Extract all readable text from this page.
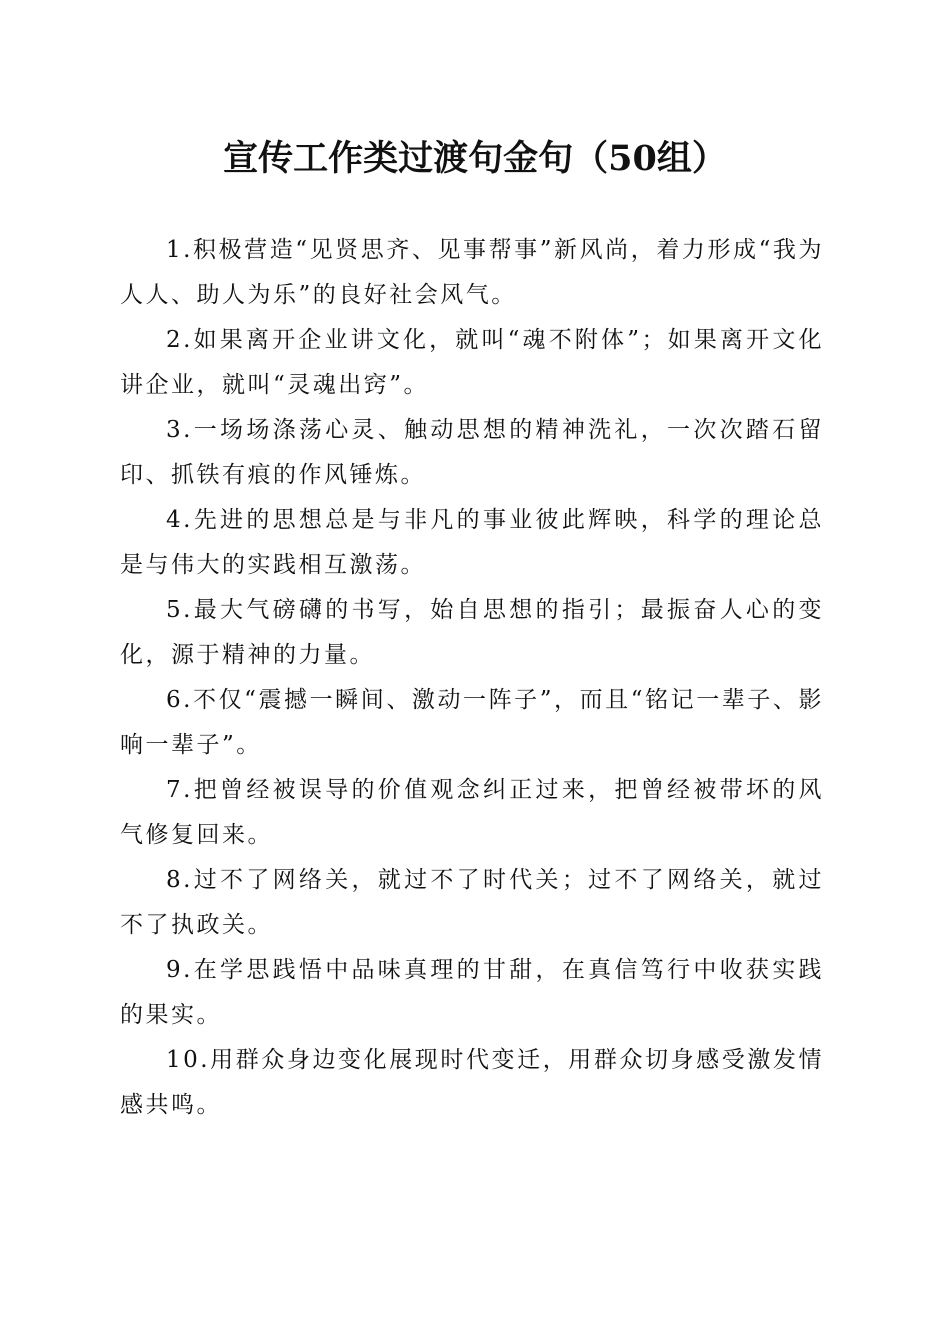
宣传工作类过渡句金句（50组）

1.积极营造“见贤思齐、见事帮事”新风尚，着力形成“我为人人、助人为乐”的良好社会风气。

2.如果离开企业讲文化，就叫“魂不附体”；如果离开文化讲企业，就叫“灵魂出窍”。

3.一场场涤荡心灵、触动思想的精神洗礼，一次次踏石留印、抓铁有痕的作风锤炼。

4.先进的思想总是与非凡的事业彼此辉映，科学的理论总是与伟大的实践相互激荡。

5.最大气磅礴的书写，始自思想的指引；最振奋人心的变化，源于精神的力量。

6.不仅“震撼一瞬间、激动一阵子”，而且“铭记一辈子、影响一辈子”。

7.把曾经被误导的价值观念纠正过来，把曾经被带坏的风气修复回来。

8.过不了网络关，就过不了时代关；过不了网络关，就过不了执政关。

9.在学思践悟中品味真理的甘甜，在真信笃行中收获实践的果实。

10.用群众身边变化展现时代变迁，用群众切身感受激发情感共鸣。
